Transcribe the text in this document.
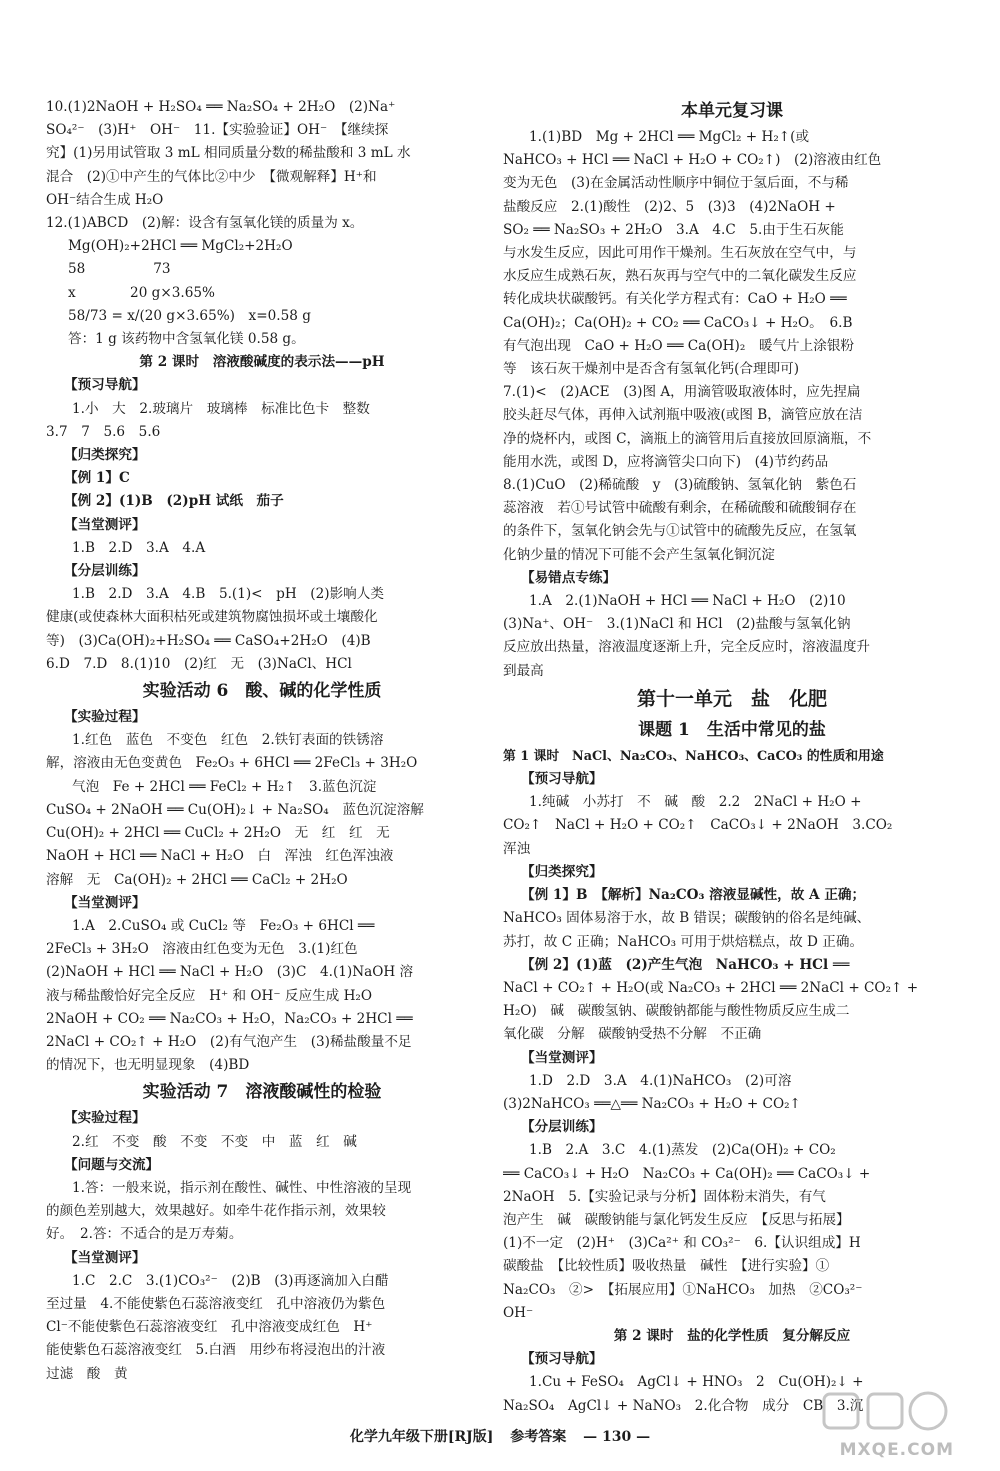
10.(1)2NaOH + H₂SO₄ ══ Na₂SO₄ + 2H₂O　(2)Na⁺
SO₄²⁻　(3)H⁺　OH⁻　11.【实验验证】OH⁻　【继续探
究】(1)另用试管取 3 mL 相同质量分数的稀盐酸和 3 mL 水
混合　(2)①中产生的气体比②中少　【微观解释】H⁺和
OH⁻结合生成 H₂O
12.(1)ABCD　(2)解：设含有氢氧化镁的质量为 x。
Mg(OH)₂+2HCl ══ MgCl₂+2H₂O
58　　　　　73
x　　　　20 g×3.65%
58/73 = x/(20 g×3.65%)　x=0.58 g
答：1 g 该药物中含氢氧化镁 0.58 g。
第 2 课时　溶液酸碱度的表示法——pH
【预习导航】
1.小　大　2.玻璃片　玻璃棒　标准比色卡　整数
3.7　7　5.6　5.6
【归类探究】
【例 1】C
【例 2】(1)B　(2)pH 试纸　茄子
【当堂测评】
1.B　2.D　3.A　4.A
【分层训练】
1.B　2.D　3.A　4.B　5.(1)<　pH　(2)影响人类
健康(或使森林大面积枯死或建筑物腐蚀损坏或土壤酸化
等)　(3)Ca(OH)₂+H₂SO₄ ══ CaSO₄+2H₂O　(4)B
6.D　7.D　8.(1)10　(2)红　无　(3)NaCl、HCl
实验活动 6　酸、碱的化学性质
【实验过程】
1.红色　蓝色　不变色　红色　2.铁钉表面的铁锈溶
解，溶液由无色变黄色　Fe₂O₃ + 6HCl ══ 2FeCl₃ + 3H₂O
气泡　Fe + 2HCl ══ FeCl₂ + H₂↑　3.蓝色沉淀
CuSO₄ + 2NaOH ══ Cu(OH)₂↓ + Na₂SO₄　蓝色沉淀溶解
Cu(OH)₂ + 2HCl ══ CuCl₂ + 2H₂O　无　红　红　无
NaOH + HCl ══ NaCl + H₂O　白　浑浊　红色浑浊液
溶解　无　Ca(OH)₂ + 2HCl ══ CaCl₂ + 2H₂O
【当堂测评】
1.A　2.CuSO₄ 或 CuCl₂ 等　Fe₂O₃ + 6HCl ══
2FeCl₃ + 3H₂O　溶液由红色变为无色　3.(1)红色
(2)NaOH + HCl ══ NaCl + H₂O　(3)C　4.(1)NaOH 溶
液与稀盐酸恰好完全反应　H⁺ 和 OH⁻ 反应生成 H₂O
2NaOH + CO₂ ══ Na₂CO₃ + H₂O，Na₂CO₃ + 2HCl ══
2NaCl + CO₂↑ + H₂O　(2)有气泡产生　(3)稀盐酸量不足
的情况下，也无明显现象　(4)BD
实验活动 7　溶液酸碱性的检验
【实验过程】
2.红　不变　酸　不变　不变　中　蓝　红　碱
【问题与交流】
1.答：一般来说，指示剂在酸性、碱性、中性溶液的呈现
的颜色差别越大，效果越好。如牵牛花作指示剂，效果较
好。　2.答：不适合的是万寿菊。
【当堂测评】
1.C　2.C　3.(1)CO₃²⁻　(2)B　(3)再逐滴加入白醋
至过量　4.不能使紫色石蕊溶液变红　孔中溶液仍为紫色
Cl⁻不能使紫色石蕊溶液变红　孔中溶液变成红色　H⁺
能使紫色石蕊溶液变红　5.白酒　用纱布将浸泡出的汁液
过滤　酸　黄
本单元复习课
1.(1)BD　Mg + 2HCl ══ MgCl₂ + H₂↑(或
NaHCO₃ + HCl ══ NaCl + H₂O + CO₂↑)　(2)溶液由红色
变为无色　(3)在金属活动性顺序中铜位于氢后面，不与稀
盐酸反应　2.(1)酸性　(2)2、5　(3)3　(4)2NaOH +
SO₂ ══ Na₂SO₃ + 2H₂O　3.A　4.C　5.由于生石灰能
与水发生反应，因此可用作干燥剂。生石灰放在空气中，与
水反应生成熟石灰，熟石灰再与空气中的二氧化碳发生反应
转化成块状碳酸钙。有关化学方程式有：CaO + H₂O ══
Ca(OH)₂；Ca(OH)₂ + CO₂ ══ CaCO₃↓ + H₂O。　6.B
有气泡出现　CaO + H₂O ══ Ca(OH)₂　暖气片上涂银粉
等　该石灰干燥剂中是否含有氢氧化钙(合理即可)
7.(1)<　(2)ACE　(3)图 A，用滴管吸取液体时，应先捏扁
胶头赶尽气体，再伸入试剂瓶中吸液(或图 B，滴管应放在洁
净的烧杯内，或图 C，滴瓶上的滴管用后直接放回原滴瓶，不
能用水洗，或图 D，应将滴管尖口向下)　(4)节约药品
8.(1)CuO　(2)稀硫酸　y　(3)硫酸钠、氢氧化钠　紫色石
蕊溶液　若①号试管中硫酸有剩余，在稀硫酸和硫酸铜存在
的条件下，氢氧化钠会先与①试管中的硫酸先反应，在氢氧
化钠少量的情况下可能不会产生氢氧化铜沉淀
【易错点专练】
1.A　2.(1)NaOH + HCl ══ NaCl + H₂O　(2)10
(3)Na⁺、OH⁻　3.(1)NaCl 和 HCl　(2)盐酸与氢氧化钠
反应放出热量，溶液温度逐渐上升，完全反应时，溶液温度升
到最高
第十一单元　盐　化肥
课题 1　生活中常见的盐
第 1 课时　NaCl、Na₂CO₃、NaHCO₃、CaCO₃ 的性质和用途
【预习导航】
1.纯碱　小苏打　不　碱　酸　2.2　2NaCl + H₂O +
CO₂↑　NaCl + H₂O + CO₂↑　CaCO₃↓ + 2NaOH　3.CO₂
浑浊
【归类探究】
【例 1】B　【解析】Na₂CO₃ 溶液显碱性，故 A 正确；
NaHCO₃ 固体易溶于水，故 B 错误；碳酸钠的俗名是纯碱、
苏打，故 C 正确；NaHCO₃ 可用于烘焙糕点，故 D 正确。
【例 2】(1)蓝　(2)产生气泡　NaHCO₃ + HCl ══
NaCl + CO₂↑ + H₂O(或 Na₂CO₃ + 2HCl ══ 2NaCl + CO₂↑ +
H₂O)　碱　碳酸氢钠、碳酸钠都能与酸性物质反应生成二
氧化碳　分解　碳酸钠受热不分解　不正确
【当堂测评】
1.D　2.D　3.A　4.(1)NaHCO₃　(2)可溶
(3)2NaHCO₃ ══△══ Na₂CO₃ + H₂O + CO₂↑
【分层训练】
1.B　2.A　3.C　4.(1)蒸发　(2)Ca(OH)₂ + CO₂
══ CaCO₃↓ + H₂O　Na₂CO₃ + Ca(OH)₂ ══ CaCO₃↓ +
2NaOH　5.【实验记录与分析】固体粉末消失，有气
泡产生　碱　碳酸钠能与氯化钙发生反应　【反思与拓展】
(1)不一定　(2)H⁺　(3)Ca²⁺ 和 CO₃²⁻　6.【认识组成】H
碳酸盐　【比较性质】吸收热量　碱性　【进行实验】①
Na₂CO₃　②>　【拓展应用】①NaHCO₃　加热　②CO₃²⁻
OH⁻
第 2 课时　盐的化学性质　复分解反应
【预习导航】
1.Cu + FeSO₄　AgCl↓ + HNO₃　2　Cu(OH)₂↓ +
Na₂SO₄　AgCl↓ + NaNO₃　2.化合物　成分　CB　3.沉
化学九年级下册[RJ版] 参考答案 — 130 —
MXQE.COM
